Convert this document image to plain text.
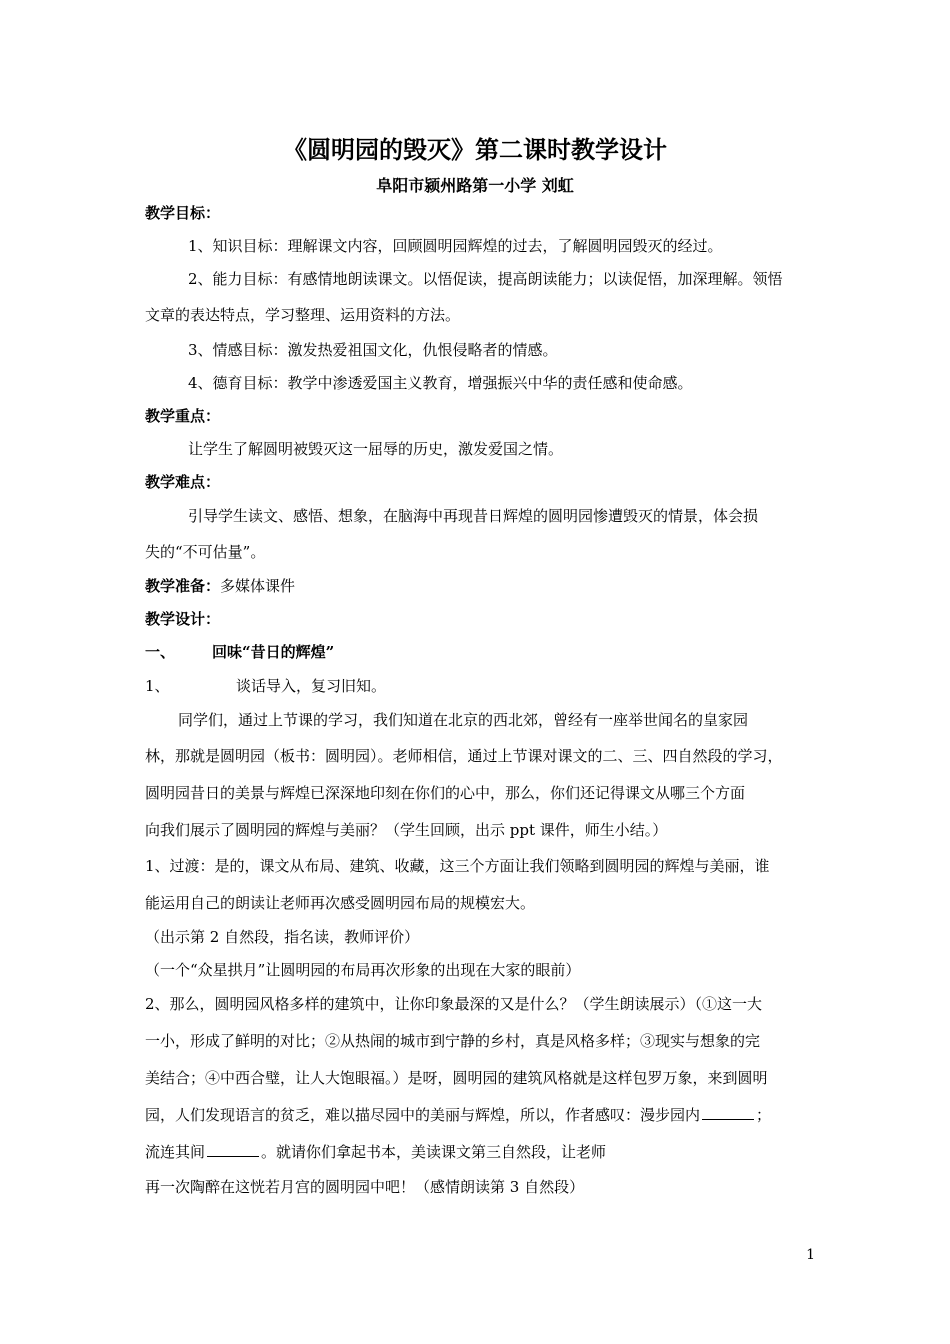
《圆明园的毁灭》第二课时教学设计
阜阳市颍州路第一小学 刘虹
教学目标：
1、知识目标：理解课文内容，回顾圆明园辉煌的过去，了解圆明园毁灭的经过。
2、能力目标：有感情地朗读课文。以悟促读，提高朗读能力；以读促悟，加深理解。领悟
文章的表达特点，学习整理、运用资料的方法。
3、情感目标：激发热爱祖国文化，仇恨侵略者的情感。
4、德育目标：教学中渗透爱国主义教育，增强振兴中华的责任感和使命感。
教学重点：
让学生了解圆明被毁灭这一屈辱的历史，激发爱国之情。
教学难点：
引导学生读文、感悟、想象，在脑海中再现昔日辉煌的圆明园惨遭毁灭的情景，体会损
失的“不可估量”。
教学准备：多媒体课件
教学设计：
一、 回味“昔日的辉煌”
1、	谈话导入，复习旧知。
同学们，通过上节课的学习，我们知道在北京的西北郊，曾经有一座举世闻名的皇家园
林，那就是圆明园（板书：圆明园）。老师相信，通过上节课对课文的二、三、四自然段的学习，
圆明园昔日的美景与辉煌已深深地印刻在你们的心中，那么，你们还记得课文从哪三个方面
向我们展示了圆明园的辉煌与美丽？（学生回顾，出示 ppt 课件，师生小结。）
1、过渡：是的，课文从布局、建筑、收藏，这三个方面让我们领略到圆明园的辉煌与美丽，谁
能运用自己的朗读让老师再次感受圆明园布局的规模宏大。
（出示第 2 自然段，指名读，教师评价）
（一个“众星拱月”让圆明园的布局再次形象的出现在大家的眼前）
2、那么，圆明园风格多样的建筑中，让你印象最深的又是什么？（学生朗读展示）（①这一大
一小，形成了鲜明的对比；②从热闹的城市到宁静的乡村，真是风格多样；③现实与想象的完
美结合；④中西合璧，让人大饱眼福。）是呀，圆明园的建筑风格就是这样包罗万象，来到圆明
园，人们发现语言的贫乏，难以描尽园中的美丽与辉煌，所以，作者感叹：漫步园内	；
流连其间	。就请你们拿起书本，美读课文第三自然段，让老师
再一次陶醉在这恍若月宫的圆明园中吧！（感情朗读第 3 自然段）
1
